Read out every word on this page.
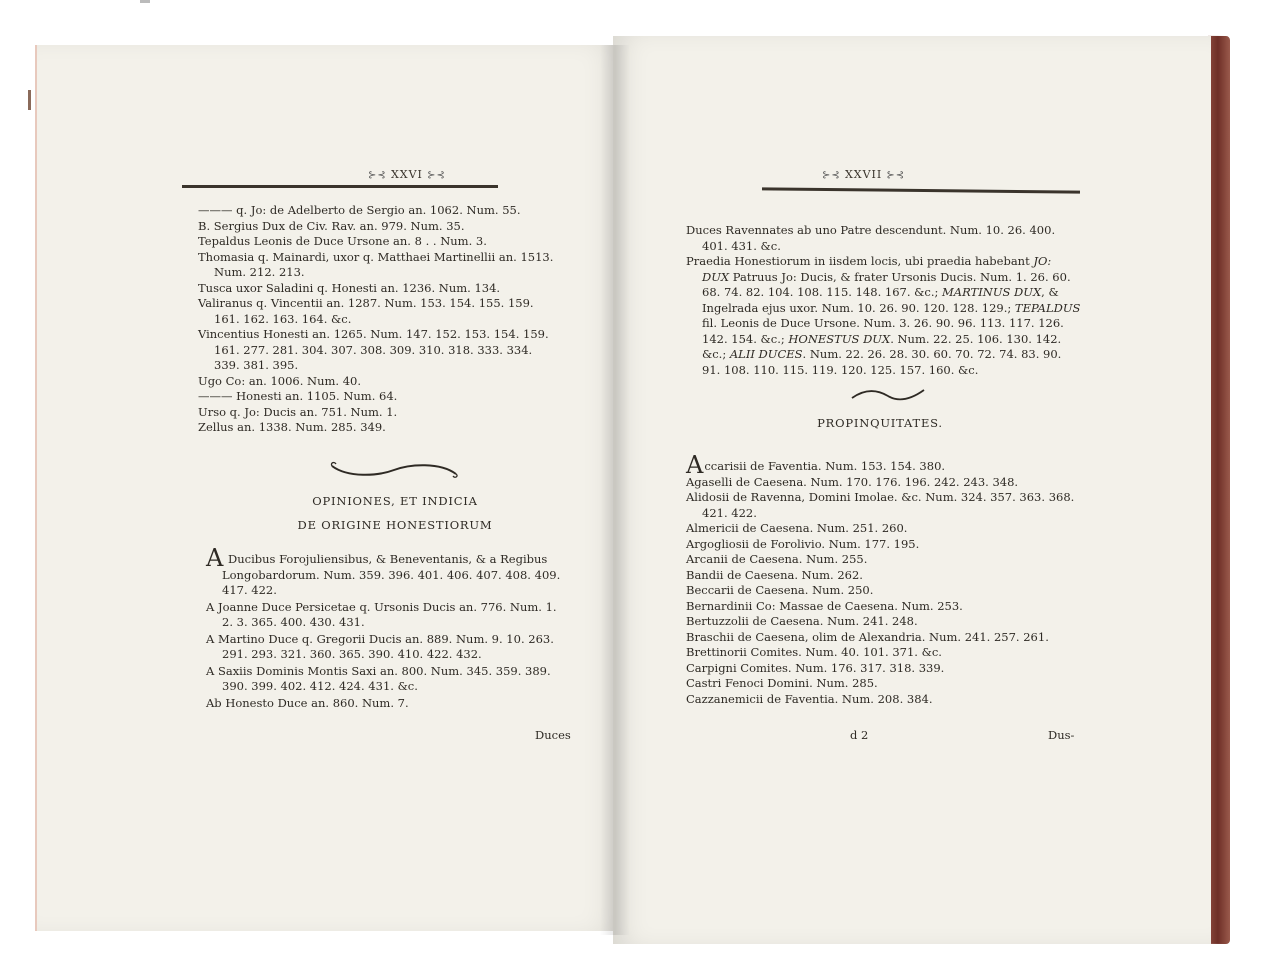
⊱⊰ XXVI ⊱⊰

——— q. Jo: de Adelberto de Sergio an. 1062. Num. 55.

B. Sergius Dux de Civ. Rav. an. 979. Num. 35.

Tepaldus Leonis de Duce Ursone an. 8 . . Num. 3.

Thomasia q. Mainardi, uxor q. Matthaei Martinellii an. 1513. Num. 212. 213.

Tusca uxor Saladini q. Honesti an. 1236. Num. 134.

Valiranus q. Vincentii an. 1287. Num. 153. 154. 155. 159. 161. 162. 163. 164. &c.

Vincentius Honesti an. 1265. Num. 147. 152. 153. 154. 159. 161. 277. 281. 304. 307. 308. 309. 310. 318. 333. 334. 339. 381. 395.

Ugo Co: an. 1006. Num. 40.

——— Honesti an. 1105. Num. 64.

Urso q. Jo: Ducis an. 751. Num. 1.

Zellus an. 1338. Num. 285. 349.

OPINIONES, ET INDICIA
DE ORIGINE HONESTIORUM

A Ducibus Forojuliensibus, & Beneventanis, & a Regibus Longobardorum. Num. 359. 396. 401. 406. 407. 408. 409. 417. 422.

A Joanne Duce Persicetae q. Ursonis Ducis an. 776. Num. 1. 2. 3. 365. 400. 430. 431.

A Martino Duce q. Gregorii Ducis an. 889. Num. 9. 10. 263. 291. 293. 321. 360. 365. 390. 410. 422. 432.

A Saxiis Dominis Montis Saxi an. 800. Num. 345. 359. 389. 390. 399. 402. 412. 424. 431. &c.

Ab Honesto Duce an. 860. Num. 7.

Duces
⊱⊰ XXVII ⊱⊰

Duces Ravennates ab uno Patre descendunt. Num. 10. 26. 400. 401. 431. &c.

Praedia Honestiorum in iisdem locis, ubi praedia habebant JO: DUX Patruus Jo: Ducis, & frater Ursonis Ducis. Num. 1. 26. 60. 68. 74. 82. 104. 108. 115. 148. 167. &c.; MARTINUS DUX, & Ingelrada ejus uxor. Num. 10. 26. 90. 120. 128. 129.; TEPALDUS fil. Leonis de Duce Ursone. Num. 3. 26. 90. 96. 113. 117. 126. 142. 154. &c.; HONESTUS DUX. Num. 22. 25. 106. 130. 142. &c.; ALII DUCES. Num. 22. 26. 28. 30. 60. 70. 72. 74. 83. 90. 91. 108. 110. 115. 119. 120. 125. 157. 160. &c.

PROPINQUITATES.

Accarisii de Faventia. Num. 153. 154. 380.

Agaselli de Caesena. Num. 170. 176. 196. 242. 243. 348.

Alidosii de Ravenna, Domini Imolae. &c. Num. 324. 357. 363. 368. 421. 422.

Almericii de Caesena. Num. 251. 260.

Argogliosii de Forolivio. Num. 177. 195.

Arcanii de Caesena. Num. 255.

Bandii de Caesena. Num. 262.

Beccarii de Caesena. Num. 250.

Bernardinii Co: Massae de Caesena. Num. 253.

Bertuzzolii de Caesena. Num. 241. 248.

Braschii de Caesena, olim de Alexandria. Num. 241. 257. 261.

Brettinorii Comites. Num. 40. 101. 371. &c.

Carpigni Comites. Num. 176. 317. 318. 339.

Castri Fenoci Domini. Num. 285.

Cazzanemicii de Faventia. Num. 208. 384.

d 2	Dus-
